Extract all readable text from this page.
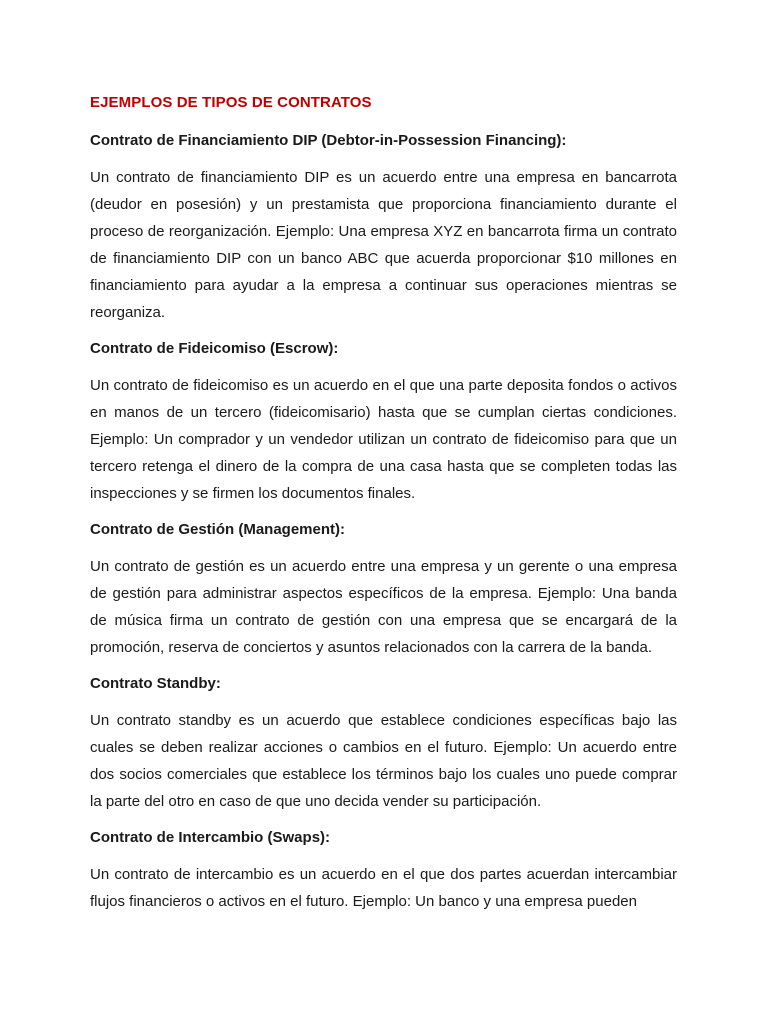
EJEMPLOS DE TIPOS DE CONTRATOS
Contrato de Financiamiento DIP (Debtor-in-Possession Financing):

Un contrato de financiamiento DIP es un acuerdo entre una empresa en bancarrota (deudor en posesión) y un prestamista que proporciona financiamiento durante el proceso de reorganización. Ejemplo: Una empresa XYZ en bancarrota firma un contrato de financiamiento DIP con un banco ABC que acuerda proporcionar $10 millones en financiamiento para ayudar a la empresa a continuar sus operaciones mientras se reorganiza.

Contrato de Fideicomiso (Escrow):

Un contrato de fideicomiso es un acuerdo en el que una parte deposita fondos o activos en manos de un tercero (fideicomisario) hasta que se cumplan ciertas condiciones. Ejemplo: Un comprador y un vendedor utilizan un contrato de fideicomiso para que un tercero retenga el dinero de la compra de una casa hasta que se completen todas las inspecciones y se firmen los documentos finales.

Contrato de Gestión (Management):

Un contrato de gestión es un acuerdo entre una empresa y un gerente o una empresa de gestión para administrar aspectos específicos de la empresa. Ejemplo: Una banda de música firma un contrato de gestión con una empresa que se encargará de la promoción, reserva de conciertos y asuntos relacionados con la carrera de la banda.

Contrato Standby:

Un contrato standby es un acuerdo que establece condiciones específicas bajo las cuales se deben realizar acciones o cambios en el futuro. Ejemplo: Un acuerdo entre dos socios comerciales que establece los términos bajo los cuales uno puede comprar la parte del otro en caso de que uno decida vender su participación.

Contrato de Intercambio (Swaps):

Un contrato de intercambio es un acuerdo en el que dos partes acuerdan intercambiar flujos financieros o activos en el futuro. Ejemplo: Un banco y una empresa pueden
